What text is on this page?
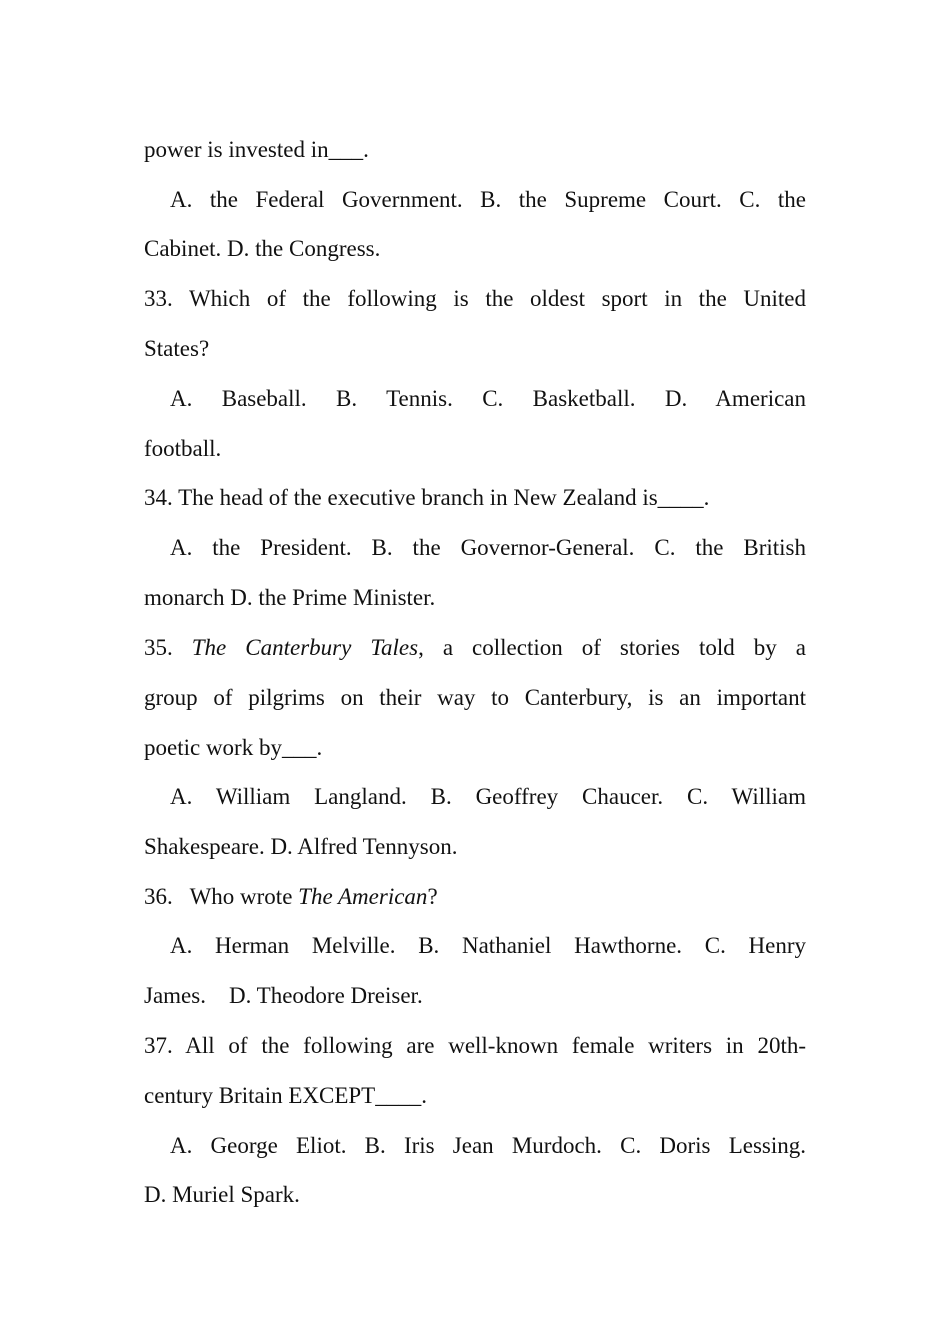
power is invested in___.
A. the Federal Government. B. the Supreme Court. C. the
Cabinet. D. the Congress.
33. Which of the following is the oldest sport in the United
States?
A. Baseball. B. Tennis. C. Basketball. D. American
football.
34. The head of the executive branch in New Zealand is____.
A. the President. B. the Governor-General. C. the British
monarch D. the Prime Minister.
35. The Canterbury Tales, a collection of stories told by a
group of pilgrims on their way to Canterbury, is an important
poetic work by___.
A. William Langland. B. Geoffrey Chaucer. C. William
Shakespeare. D. Alfred Tennyson.
36.   Who wrote The American?
A. Herman Melville. B. Nathaniel Hawthorne. C. Henry
James.    D. Theodore Dreiser.
37. All of the following are well-known female writers in 20th-
century Britain EXCEPT____.
A. George Eliot. B. Iris Jean Murdoch. C. Doris Lessing.
D. Muriel Spark.
